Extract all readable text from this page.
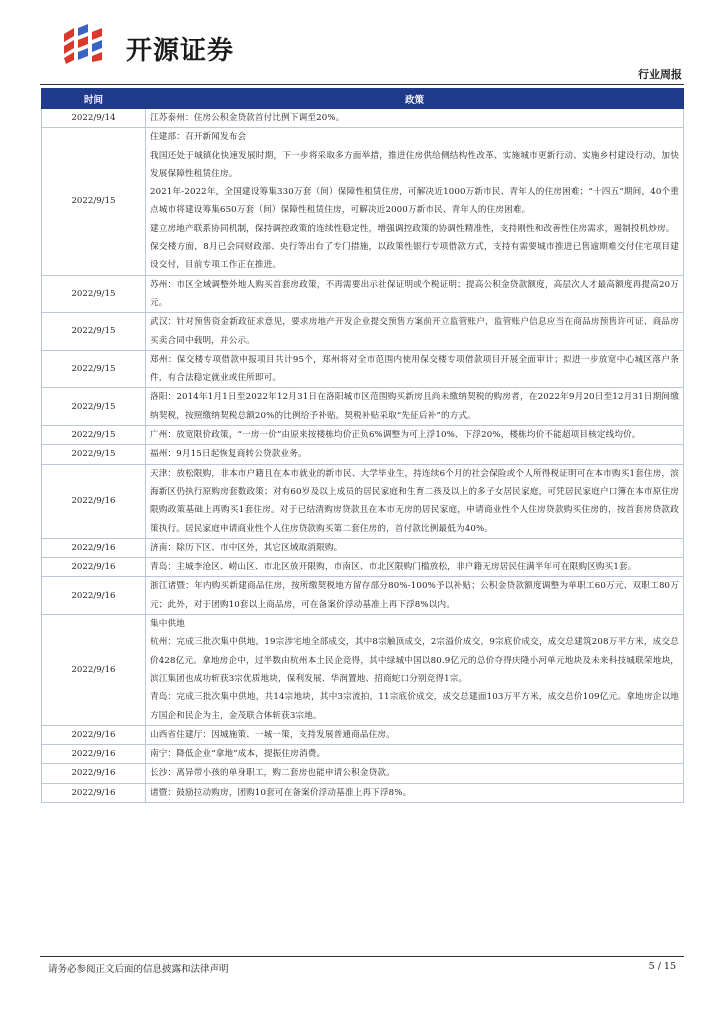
开源证券
行业周报
时间	政策
2022/9/14	江苏泰州：住房公积金贷款首付比例下调至20%。

2022/9/15	住建部：召开新闻发布会
我国还处于城镇化快速发展时期，下一步将采取多方面举措，推进住房供给侧结构性改革、实施城市更新行动、实施乡村建设行动，加快发展保障性租赁住房。
2021年-2022年，全国建设筹集330万套（间）保障性租赁住房，可解决近1000万新市民、青年人的住房困难；“十四五”期间，40个重点城市将建设筹集650万套（间）保障性租赁住房，可解决近2000万新市民、青年人的住房困难。
建立房地产联系协同机制，保持调控政策的连续性稳定性，增强调控政策的协调性精准性，支持刚性和改善性住房需求，遏制投机炒房。
保交楼方面，8月已会同财政部、央行等出台了专门措施，以政策性银行专项借款方式，支持有需要城市推进已售逾期难交付住宅项目建设交付，目前专项工作正在推进。

2022/9/15	苏州：市区全域调整外地人购买首套房政策，不再需要出示社保证明或个税证明；提高公积金贷款额度，高层次人才最高额度再提高20万元。

2022/9/15	武汉：针对预售资金新政征求意见，要求房地产开发企业提交预售方案前开立监管账户，监管账户信息应当在商品房预售许可证、商品房买卖合同中载明，并公示。

2022/9/15	郑州：保交楼专项借款申报项目共计95个，郑州将对全市范围内使用保交楼专项借款项目开展全面审计；拟进一步放宽中心城区落户条件，有合法稳定就业或住所即可。

2022/9/15	洛阳：2014年1月1日至2022年12月31日在洛阳城市区范围购买新房且尚未缴纳契税的购房者，在2022年9月20日至12月31日期间缴纳契税，按照缴纳契税总额20%的比例给予补贴。契税补贴采取“先征后补”的方式。

2022/9/15	广州：放宽限价政策，“一房一价”由原来按楼栋均价正负6%调整为可上浮10%、下浮20%，楼栋均价不能超项目核定线均价。

2022/9/15	福州：9月15日起恢复商转公贷款业务。

2022/9/16	天津：放松限购，非本市户籍且在本市就业的新市民、大学毕业生，持连续6个月的社会保险或个人所得税证明可在本市购买1套住房，滨海新区仍执行原购房套数政策；对有60岁及以上成员的居民家庭和生育二孩及以上的多子女居民家庭，可凭居民家庭户口簿在本市原住房限购政策基础上再购买1套住房。对于已结清购房贷款且在本市无房的居民家庭，申请商业性个人住房贷款购买住房的，按首套房贷款政策执行。居民家庭申请商业性个人住房贷款购买第二套住房的，首付款比例最低为40%。

2022/9/16	济南：除历下区、市中区外，其它区域取消限购。

2022/9/16	青岛：主城李沧区、崂山区、市北区放开限购，市南区、市北区限购门槛放松，非户籍无房居民住满半年可在限购区购买1套。

2022/9/16	浙江诸暨：年内购买新建商品住房，按所缴契税地方留存部分80%-100%予以补贴；公积金贷款额度调整为单职工60万元、双职工80万元；此外，对于团购10套以上商品房，可在备案价浮动基准上再下浮8%以内。

2022/9/16	集中供地
杭州：完成三批次集中供地，19宗涉宅地全部成交，其中8宗触顶成交，2宗溢价成交，9宗底价成交，成交总建筑208万平方米，成交总价428亿元。拿地房企中，过半数由杭州本土民企竞得，其中绿城中国以80.9亿元的总价夺得庆隆小河单元地块及未来科技城联荣地块，滨江集团也成功斩获3宗优质地块，保利发展、华润置地、招商蛇口分别竞得1宗。
青岛：完成三批次集中供地，共14宗地块，其中3宗流拍，11宗底价成交，成交总建面103万平方米，成交总价109亿元。拿地房企以地方国企和民企为主，金茂联合体斩获3宗地。

2022/9/16	山西省住建厅：因城施策、一城一策，支持发展普通商品住房。

2022/9/16	南宁：降低企业“拿地”成本，提振住房消费。

2022/9/16	长沙：离异带小孩的单身职工，购二套房也能申请公积金贷款。

2022/9/16	诸暨：鼓励拉动购房，团购10套可在备案价浮动基准上再下浮8%。
请务必参阅正文后面的信息披露和法律声明	5 / 15
